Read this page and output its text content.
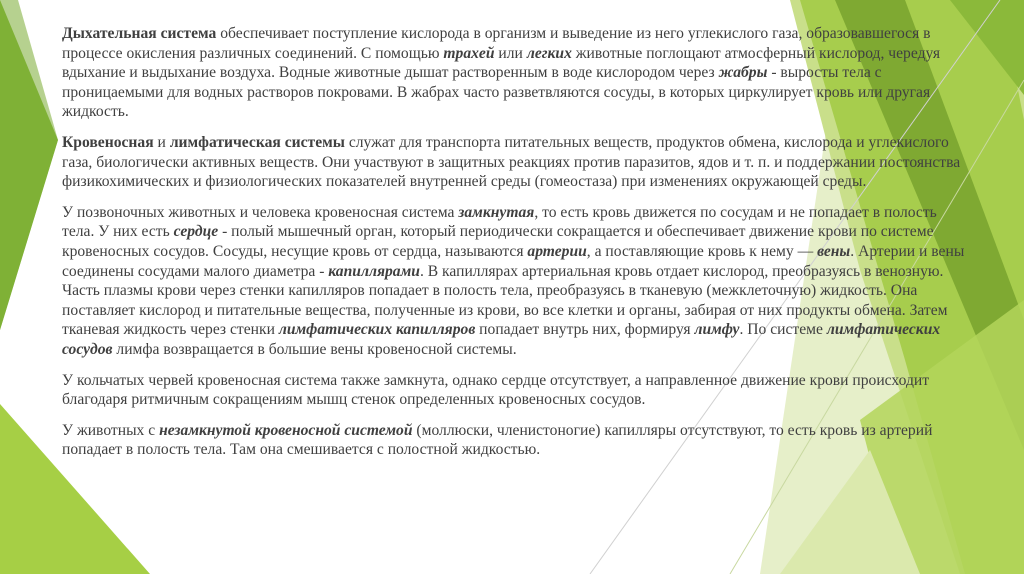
Дыхательная система обеспечивает поступление кислорода в организм и выведение из него углекислого газа, образовавшегося в процессе окисления различных соединений. С помощью трахей или легких животные поглощают атмосферный кислород, чередуя вдыхание и выдыхание воздуха. Водные животные дышат растворенным в воде кислородом через жабры - выросты тела с проницаемыми для водных растворов покровами. В жабрах часто разветвляются сосуды, в которых циркулирует кровь или другая жидкость.

Кровеносная и лимфатическая системы служат для транспорта питательных веществ, продуктов обмена, кислорода и углекислого газа, биологически активных веществ. Они участвуют в защитных реакциях против паразитов, ядов и т. п. и поддержании постоянства физикохимических и физиологических показателей внутренней среды (гомеостаза) при изменениях окружающей среды.

У позвоночных животных и человека кровеносная система замкнутая, то есть кровь движется по сосудам и не попадает в полость тела. У них есть сердце - полый мышечный орган, который периодически сокращается и обеспечивает движение крови по системе кровеносных сосудов. Сосуды, несущие кровь от сердца, называются артерии, а поставляющие кровь к нему — вены. Артерии и вены соединены сосудами малого диаметра - капиллярами. В капиллярах артериальная кровь отдает кислород, преобразуясь в венозную. Часть плазмы крови через стенки капилляров попадает в полость тела, преобразуясь в тканевую (межклеточную) жидкость. Она поставляет кислород и питательные вещества, полученные из крови, во все клетки и органы, забирая от них продукты обмена. Затем тканевая жидкость через стенки лимфатических капилляров попадает внутрь них, формируя лимфу. По системе лимфатических сосудов лимфа возвращается в большие вены кровеносной системы.

У кольчатых червей кровеносная система также замкнута, однако сердце отсутствует, а направленное движение крови происходит благодаря ритмичным сокращениям мышц стенок определенных кровеносных сосудов.

У животных с незамкнутой кровеносной системой (моллюски, членистоногие) капилляры отсутствуют, то есть кровь из артерий попадает в полость тела. Там она смешивается с полостной жидкостью.
